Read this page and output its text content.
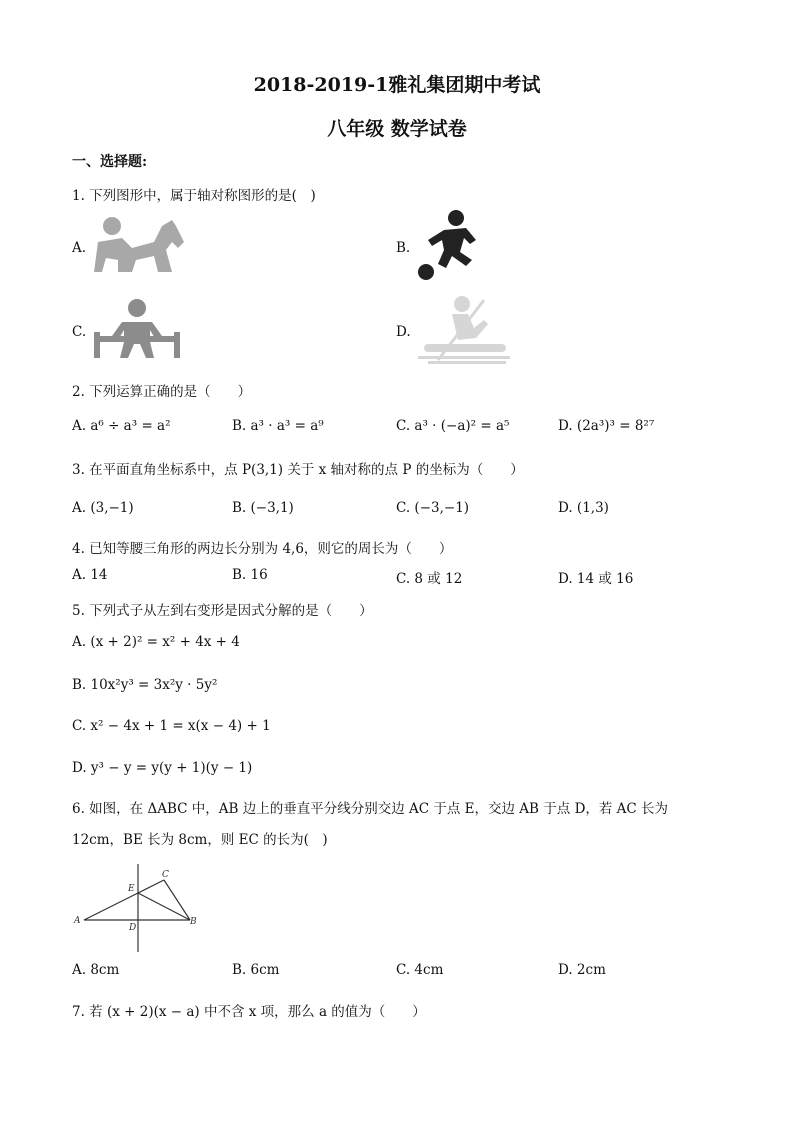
2018-2019-1雅礼集团期中考试
八年级 数学试卷
一、选择题:
1. 下列图形中，属于轴对称图形的是(　)
A.	B.
C.	D.
2. 下列运算正确的是（　　）
A. a⁶ ÷ a³ = a²	B. a³ · a³ = a⁹	C. a³ · (−a)² = a⁵	D. (2a³)³ = 8²⁷
3. 在平面直角坐标系中，点 P(3,1) 关于 x 轴对称的点 P 的坐标为（　　）
A. (3,−1)	B. (−3,1)	C. (−3,−1)	D. (1,3)
4. 已知等腰三角形的两边长分别为 4,6，则它的周长为（　　）
A. 14	B. 16	C. 8 或 12	D. 14 或 16
5. 下列式子从左到右变形是因式分解的是（　　）
A. (x + 2)² = x² + 4x + 4
B. 10x²y³ = 3x²y · 5y²
C. x² − 4x + 1 = x(x − 4) + 1
D. y³ − y = y(y + 1)(y − 1)
6. 如图，在 ΔABC 中，AB 边上的垂直平分线分别交边 AC 于点 E，交边 AB 于点 D，若 AC 长为
12cm，BE 长为 8cm，则 EC 的长为(　)
A	B
C
D
E
A. 8cm	B. 6cm	C. 4cm	D. 2cm
7. 若 (x + 2)(x − a) 中不含 x 项，那么 a 的值为（　　）
